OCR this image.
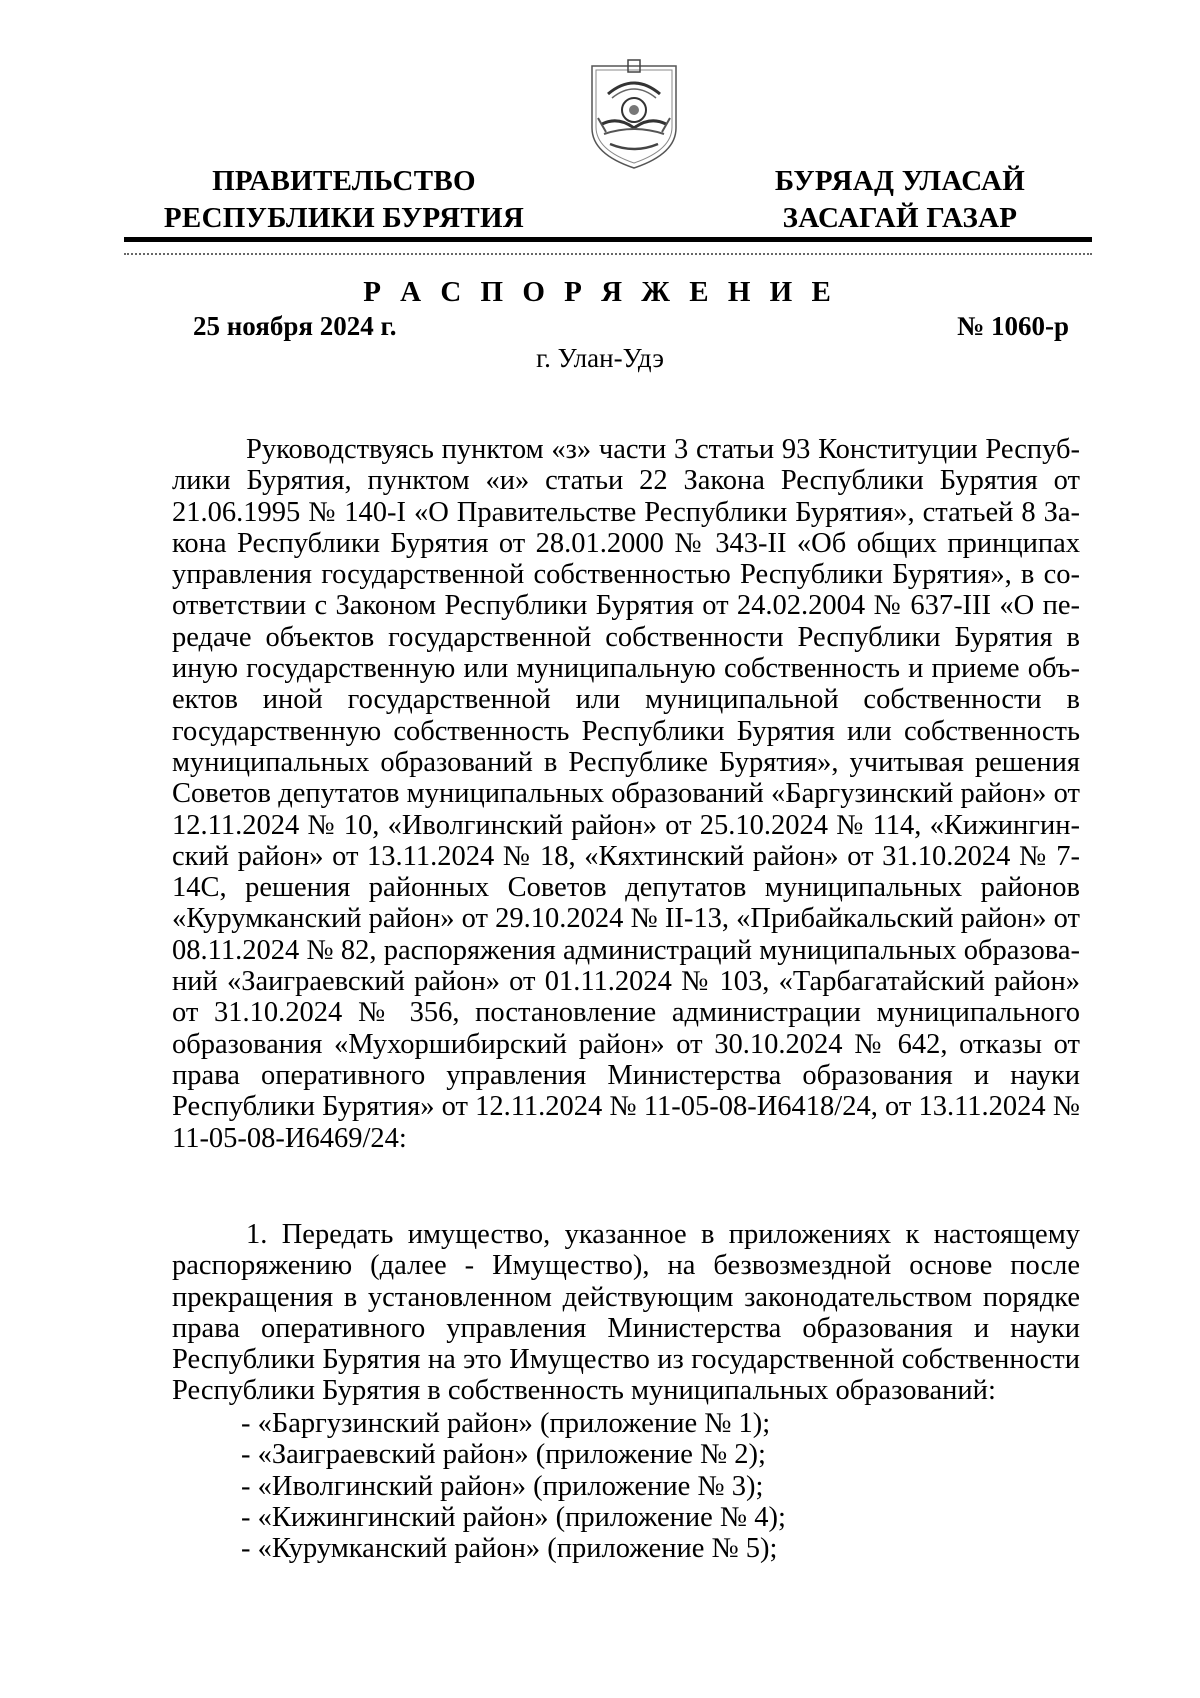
ПРАВИТЕЛЬСТВО
РЕСПУБЛИКИ БУРЯТИЯ
БУРЯАД УЛАСАЙ
ЗАСАГАЙ ГАЗАР
Р А С П О Р Я Ж Е Н И Е
25 ноября 2024 г.	№ 1060-р
г. Улан-Удэ

Руководствуясь пунктом «з» части 3 статьи 93 Конституции Республики Бурятия, пунктом «и» статьи 22 Закона Республики Бурятия от 21.06.1995 № 140-I «О Правительстве Республики Бурятия», статьей 8 Закона Республики Бурятия от 28.01.2000 № 343-II «Об общих принципах управления государственной собственностью Республики Бурятия», в соответствии с Законом Республики Бурятия от 24.02.2004 № 637-III «О передаче объектов государственной собственности Республики Бурятия в иную государственную или муниципальную собственность и приеме объектов иной государственной или муниципальной собственности в государственную собственность Республики Бурятия или собственность муниципальных образований в Республике Бурятия», учитывая решения Советов депутатов муниципальных образований «Баргузинский район» от 12.11.2024 № 10, «Иволгинский район» от 25.10.2024 № 114, «Кижингинский район» от 13.11.2024 № 18, «Кяхтинский район» от 31.10.2024 № 7-14С, решения районных Советов депутатов муниципальных районов «Курумканский район» от 29.10.2024 № II-13, «Прибайкальский район» от 08.11.2024 № 82, распоряжения администраций муниципальных образований «Заиграевский район» от 01.11.2024 № 103, «Тарбагатайский район» от 31.10.2024 № 356, постановление администрации муниципального образования «Мухоршибирский район» от 30.10.2024 № 642, отказы от права оперативного управления Министерства образования и науки Республики Бурятия» от 12.11.2024 № 11-05-08-И6418/24, от 13.11.2024 № 11-05-08-И6469/24:

1. Передать имущество, указанное в приложениях к настоящему распоряжению (далее - Имущество), на безвозмездной основе после прекращения в установленном действующим законодательством порядке права оперативного управления Министерства образования и науки Республики Бурятия на это Имущество из государственной собственности Республики Бурятия в собственность муниципальных образований:

- «Баргузинский район» (приложение № 1);
- «Заиграевский район» (приложение № 2);
- «Иволгинский район» (приложение № 3);
- «Кижингинский район» (приложение № 4);
- «Курумканский район» (приложение № 5);
